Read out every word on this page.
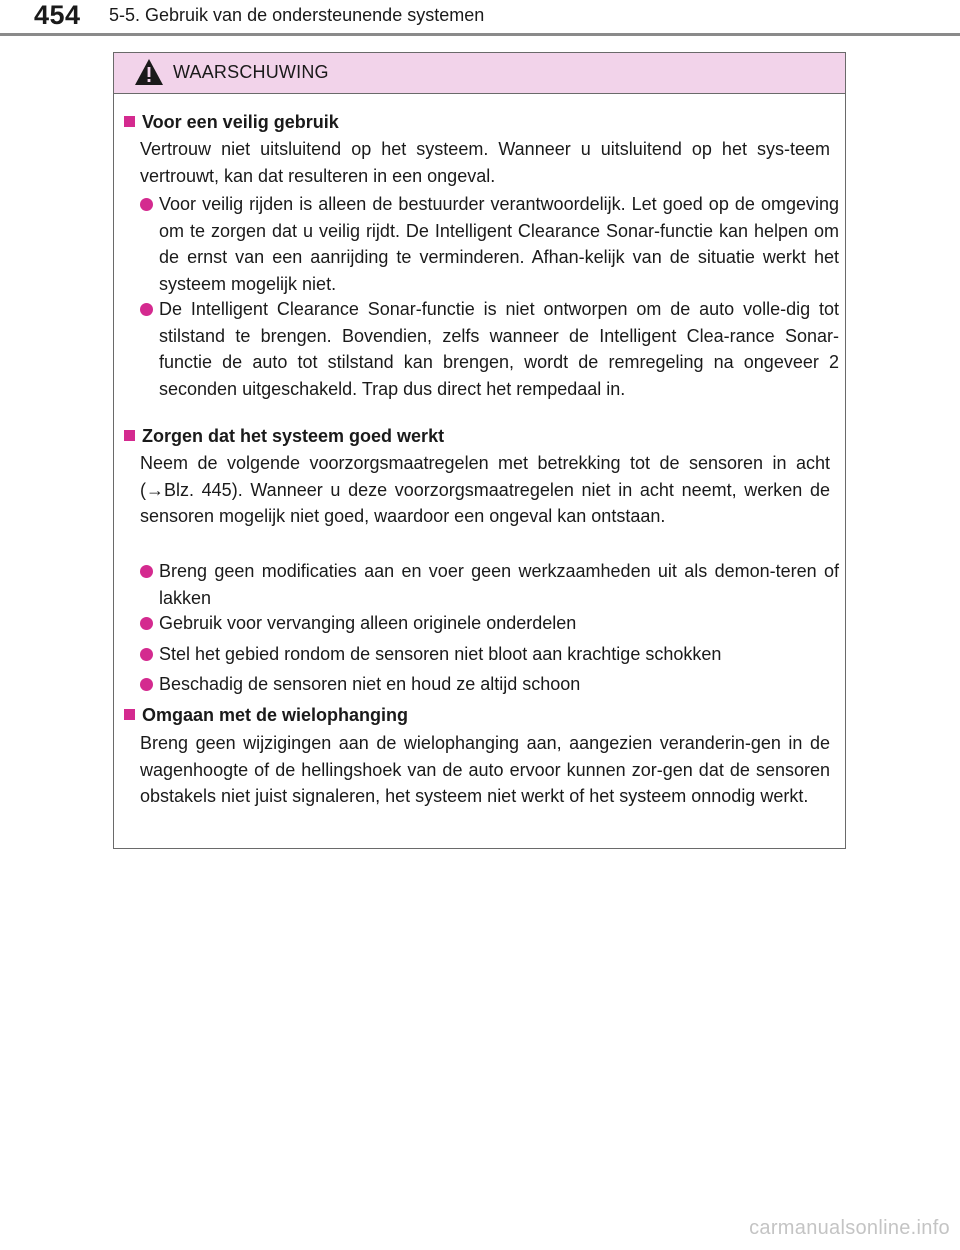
454 5-5. Gebruik van de ondersteunende systemen
WAARSCHUWING
Voor een veilig gebruik
Vertrouw niet uitsluitend op het systeem. Wanneer u uitsluitend op het sys-teem vertrouwt, kan dat resulteren in een ongeval.
Voor veilig rijden is alleen de bestuurder verantwoordelijk. Let goed op de omgeving om te zorgen dat u veilig rijdt. De Intelligent Clearance Sonar-functie kan helpen om de ernst van een aanrijding te verminderen. Afhan-kelijk van de situatie werkt het systeem mogelijk niet.
De Intelligent Clearance Sonar-functie is niet ontworpen om de auto volle-dig tot stilstand te brengen. Bovendien, zelfs wanneer de Intelligent Clea-rance Sonar-functie de auto tot stilstand kan brengen, wordt de remregeling na ongeveer 2 seconden uitgeschakeld. Trap dus direct het rempedaal in.
Zorgen dat het systeem goed werkt
Neem de volgende voorzorgsmaatregelen met betrekking tot de sensoren in acht (→Blz. 445). Wanneer u deze voorzorgsmaatregelen niet in acht neemt, werken de sensoren mogelijk niet goed, waardoor een ongeval kan ontstaan.
Breng geen modificaties aan en voer geen werkzaamheden uit als demon-teren of lakken
Gebruik voor vervanging alleen originele onderdelen
Stel het gebied rondom de sensoren niet bloot aan krachtige schokken
Beschadig de sensoren niet en houd ze altijd schoon
Omgaan met de wielophanging
Breng geen wijzigingen aan de wielophanging aan, aangezien veranderin-gen in de wagenhoogte of de hellingshoek van de auto ervoor kunnen zor-gen dat de sensoren obstakels niet juist signaleren, het systeem niet werkt of het systeem onnodig werkt.
carmanualsonline.info
